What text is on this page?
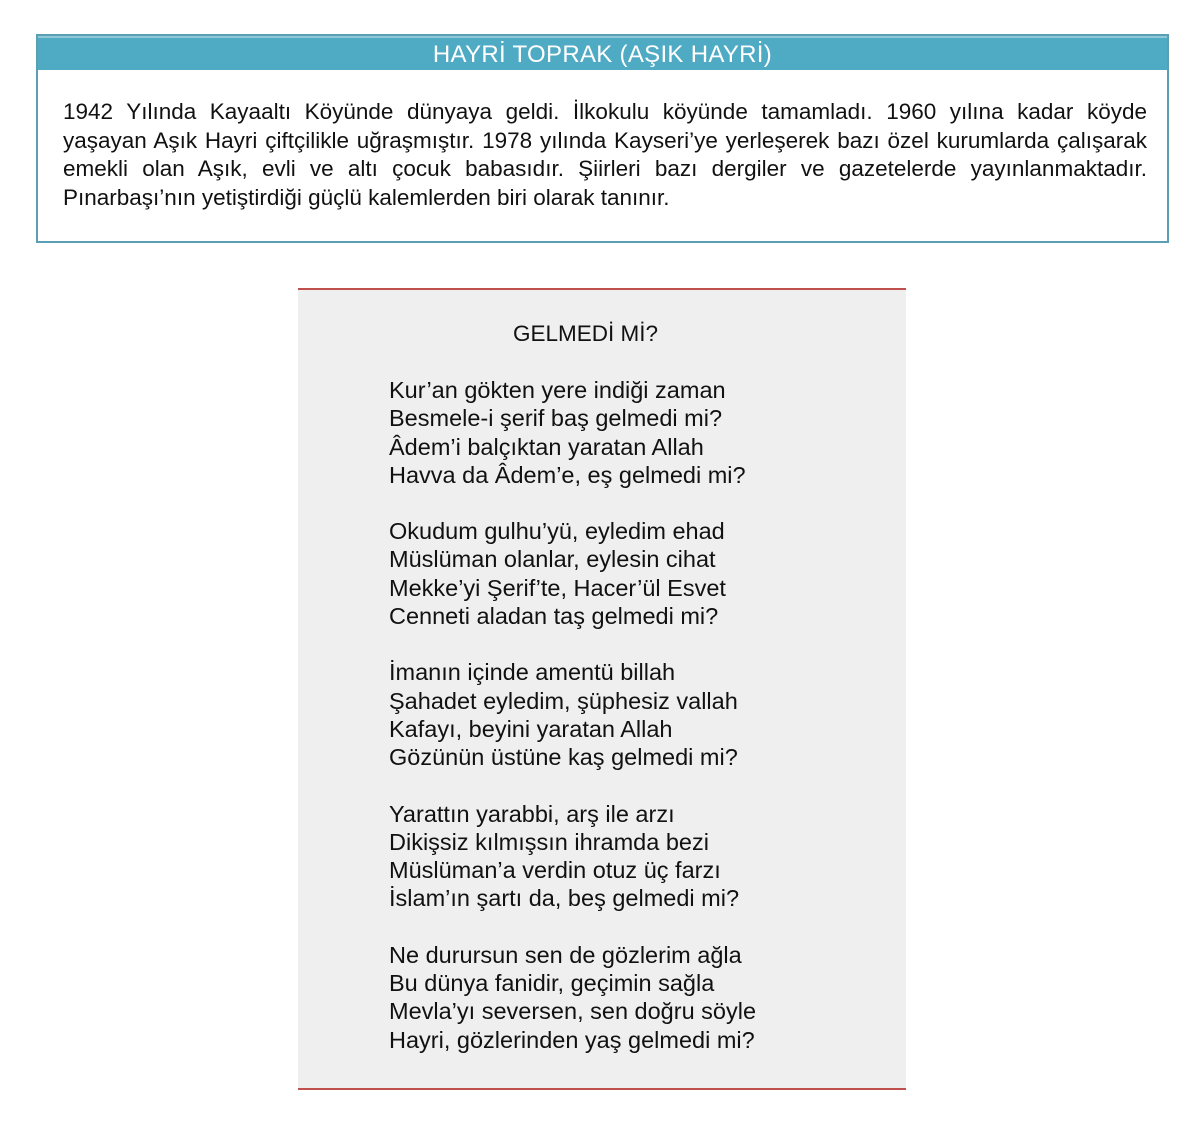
HAYRİ TOPRAK (AŞIK HAYRİ)

1942 Yılında Kayaaltı Köyünde dünyaya geldi. İlkokulu köyünde tamamladı. 1960 yılına kadar köyde yaşayan Aşık Hayri çiftçilikle uğraşmıştır. 1978 yılında Kayseri’ye yerleşerek bazı özel kurumlarda çalışarak emekli olan Aşık, evli ve altı çocuk babasıdır. Şiirleri bazı dergiler ve gazetelerde yayınlanmaktadır. Pınarbaşı’nın yetiştirdiği güçlü kalemlerden biri olarak tanınır.

GELMEDİ Mİ?
Kur’an gökten yere indiği zaman
Besmele-i şerif baş gelmedi mi?
Âdem’i balçıktan yaratan Allah
Havva da Âdem’e, eş gelmedi mi?
Okudum gulhu’yü, eyledim ehad
Müslüman olanlar, eylesin cihat
Mekke’yi Şerif’te, Hacer’ül Esvet
Cenneti aladan taş gelmedi mi?
İmanın içinde amentü billah
Şahadet eyledim, şüphesiz vallah
Kafayı, beyini yaratan Allah
Gözünün üstüne kaş gelmedi mi?
Yarattın yarabbi, arş ile arzı
Dikişsiz kılmışsın ihramda bezi
Müslüman’a verdin otuz üç farzı
İslam’ın şartı da, beş gelmedi mi?
Ne durursun sen de gözlerim ağla
Bu dünya fanidir, geçimin sağla
Mevla’yı seversen, sen doğru söyle
Hayri, gözlerinden yaş gelmedi mi?
